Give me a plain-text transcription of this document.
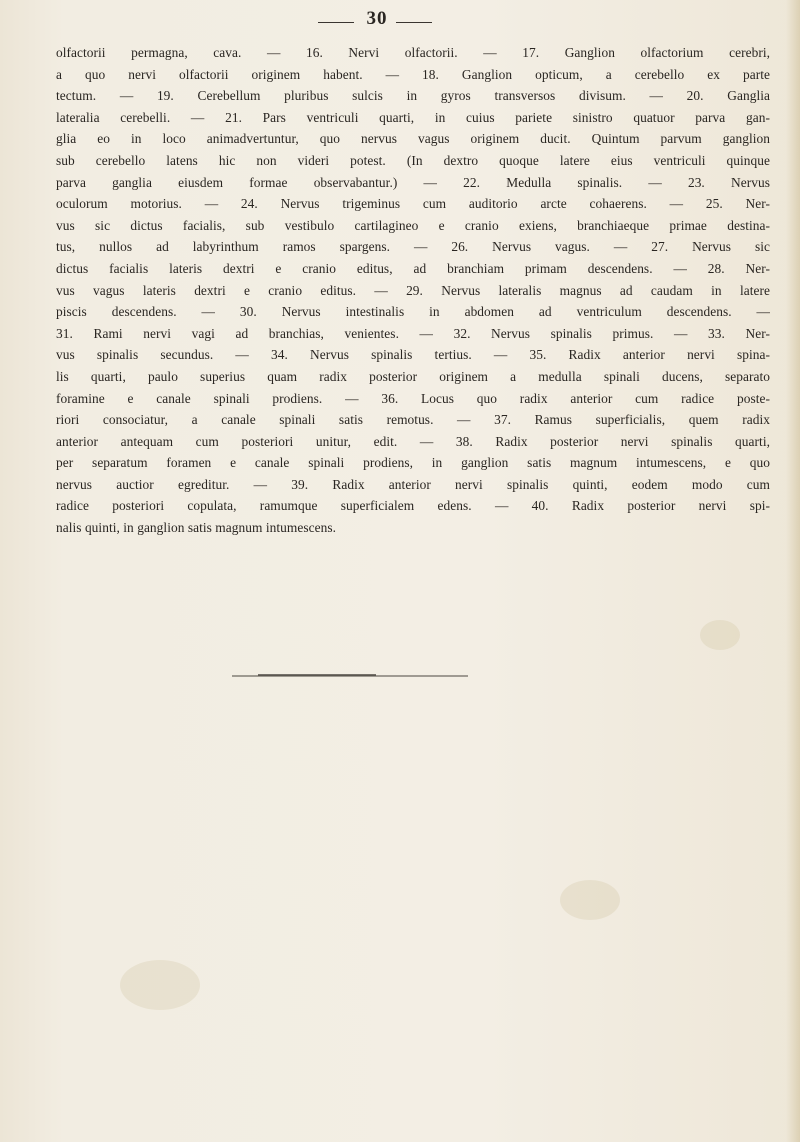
30
olfactorii permagna, cava. — 16. Nervi olfactorii. — 17. Ganglion olfactorium cerebri,
a quo nervi olfactorii originem habent. — 18. Ganglion opticum, a cerebello ex parte
tectum. — 19. Cerebellum pluribus sulcis in gyros transversos divisum. — 20. Ganglia
lateralia cerebelli. — 21. Pars ventriculi quarti, in cuius pariete sinistro quatuor parva gan-
glia eo in loco animadvertuntur, quo nervus vagus originem ducit. Quintum parvum ganglion
sub cerebello latens hic non videri potest. (In dextro quoque latere eius ventriculi quinque
parva ganglia eiusdem formae observabantur.) — 22. Medulla spinalis. — 23. Nervus
oculorum motorius. — 24. Nervus trigeminus cum auditorio arcte cohaerens. — 25. Ner-
vus sic dictus facialis, sub vestibulo cartilagineo e cranio exiens, branchiaeque primae destina-
tus, nullos ad labyrinthum ramos spargens. — 26. Nervus vagus. — 27. Nervus sic
dictus facialis lateris dextri e cranio editus, ad branchiam primam descendens. — 28. Ner-
vus vagus lateris dextri e cranio editus. — 29. Nervus lateralis magnus ad caudam in latere
piscis descendens. — 30. Nervus intestinalis in abdomen ad ventriculum descendens. —
31. Rami nervi vagi ad branchias, venientes. — 32. Nervus spinalis primus. — 33. Ner-
vus spinalis secundus. — 34. Nervus spinalis tertius. — 35. Radix anterior nervi spina-
lis quarti, paulo superius quam radix posterior originem a medulla spinali ducens, separato
foramine e canale spinali prodiens. — 36. Locus quo radix anterior cum radice poste-
riori consociatur, a canale spinali satis remotus. — 37. Ramus superficialis, quem radix
anterior antequam cum posteriori unitur, edit. — 38. Radix posterior nervi spinalis quarti,
per separatum foramen e canale spinali prodiens, in ganglion satis magnum intumescens, e quo
nervus auctior egreditur. — 39. Radix anterior nervi spinalis quinti, eodem modo cum
radice posteriori copulata, ramumque superficialem edens. — 40. Radix posterior nervi spi-
nalis quinti, in ganglion satis magnum intumescens.
